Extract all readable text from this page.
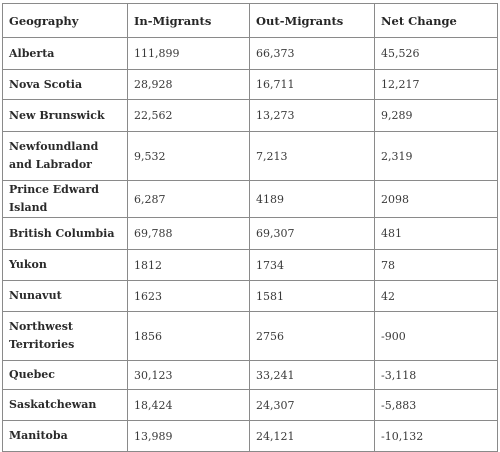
Geography	In-Migrants	Out-Migrants	Net Change
Alberta	111,899	66,373	45,526
Nova Scotia	28,928	16,711	12,217
New Brunswick	22,562	13,273	9,289
Newfoundland and Labrador	9,532	7,213	2,319
Prince Edward Island	6,287	4189	2098
British Columbia	69,788	69,307	481
Yukon	1812	1734	78
Nunavut	1623	1581	42
Northwest Territories	1856	2756	-900
Quebec	30,123	33,241	-3,118
Saskatchewan	18,424	24,307	-5,883
Manitoba	13,989	24,121	-10,132
